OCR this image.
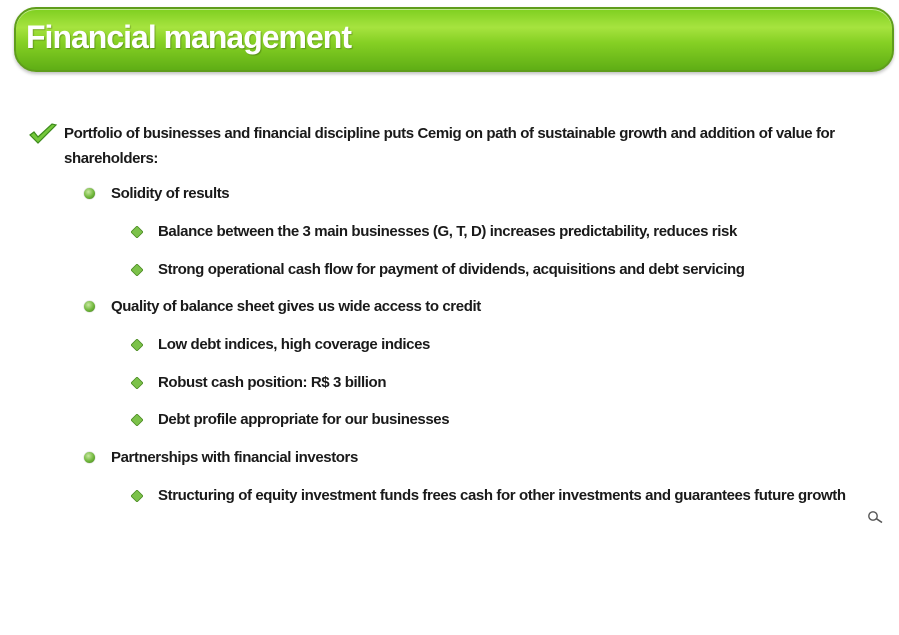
Financial management
Portfolio of businesses and financial discipline puts Cemig on path of sustainable growth and addition of value for shareholders:
Solidity of results
Balance between the 3 main businesses (G, T, D) increases predictability, reduces risk
Strong operational cash flow for payment of dividends, acquisitions and debt servicing
Quality of balance sheet gives us wide access to credit
Low debt indices, high coverage indices
Robust cash position: R$ 3 billion
Debt profile appropriate for our businesses
Partnerships with financial investors
Structuring of equity investment funds frees cash for other investments and guarantees future growth
